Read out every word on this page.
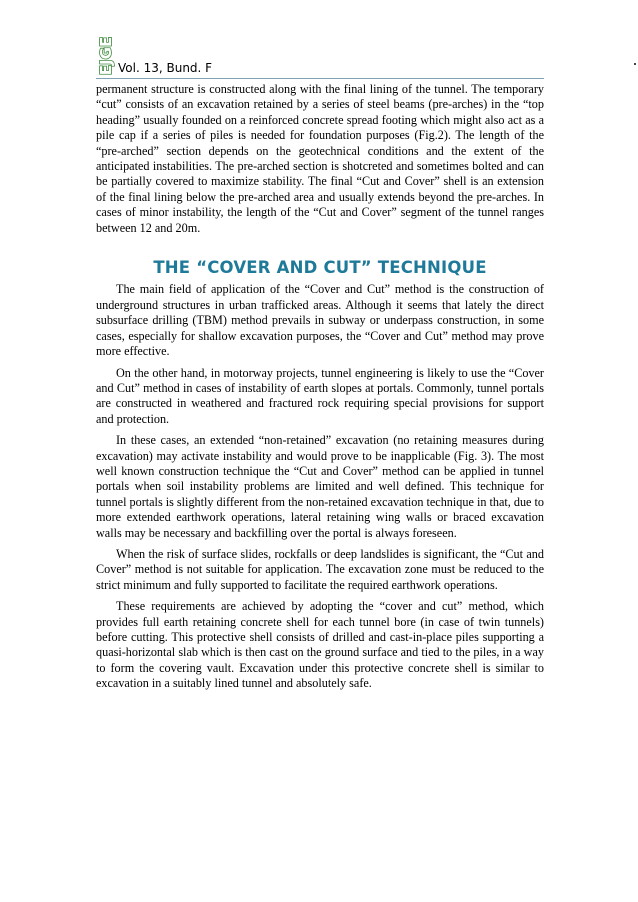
EJGE Vol. 13, Bund. F

permanent structure is constructed along with the final lining of the tunnel. The temporary “cut” consists of an excavation retained by a series of steel beams (pre-arches) in the “top heading” usually founded on a reinforced concrete spread footing which might also act as a pile cap if a series of piles is needed for foundation purposes (Fig.2). The length of the “pre-arched” section depends on the geotechnical conditions and the extent of the anticipated instabilities. The pre-arched section is shotcreted and sometimes bolted and can be partially covered to maximize stability. The final “Cut and Cover” shell is an extension of the final lining below the pre-arched area and usually extends beyond the pre-arches. In cases of minor instability, the length of the “Cut and Cover” segment of the tunnel ranges between 12 and 20m.

THE “COVER AND CUT” TECHNIQUE

The main field of application of the “Cover and Cut” method is the construction of underground structures in urban trafficked areas. Although it seems that lately the direct subsurface drilling (TBM) method prevails in subway or underpass construction, in some cases, especially for shallow excavation purposes, the “Cover and Cut” method may prove more effective.

On the other hand, in motorway projects, tunnel engineering is likely to use the “Cover and Cut” method in cases of instability of earth slopes at portals. Commonly, tunnel portals are constructed in weathered and fractured rock requiring special provisions for support and protection.

In these cases, an extended “non-retained” excavation (no retaining measures during excavation) may activate instability and would prove to be inapplicable (Fig. 3). The most well known construction technique the “Cut and Cover” method can be applied in tunnel portals when soil instability problems are limited and well defined. This technique for tunnel portals is slightly different from the non-retained excavation technique in that, due to more extended earthwork operations, lateral retaining wing walls or braced excavation walls may be necessary and backfilling over the portal is always foreseen.

When the risk of surface slides, rockfalls or deep landslides is significant, the “Cut and Cover” method is not suitable for application. The excavation zone must be reduced to the strict minimum and fully supported to facilitate the required earthwork operations.

These requirements are achieved by adopting the “cover and cut” method, which provides full earth retaining concrete shell for each tunnel bore (in case of twin tunnels) before cutting. This protective shell consists of drilled and cast-in-place piles supporting a quasi-horizontal slab which is then cast on the ground surface and tied to the piles, in a way to form the covering vault. Excavation under this protective concrete shell is similar to excavation in a suitably lined tunnel and absolutely safe.
